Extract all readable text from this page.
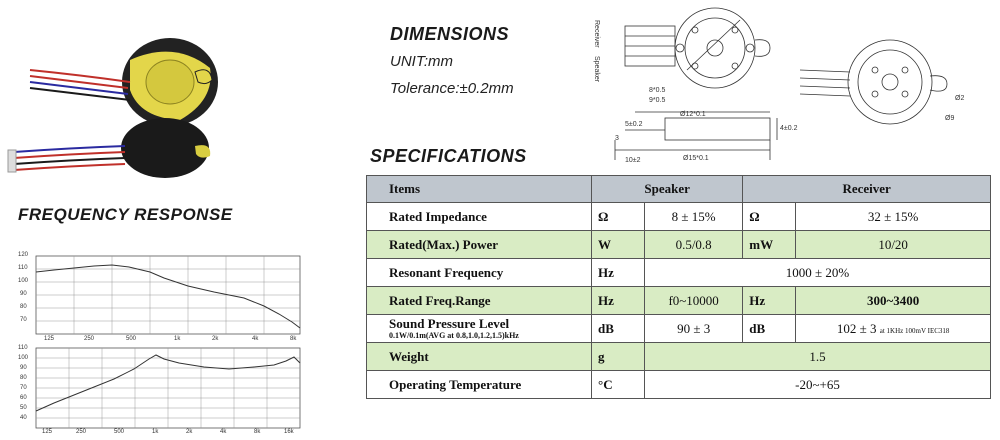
FREQUENCY RESPONSE
120
110
100
90
80
70
125	250	500	1k	2k	4k	8k
110
100
90
80
70
60
50
40
125	250	500	1k	2k	4k	8k	16k
DIMENSIONS
UNIT:mm
Tolerance:±0.2mm
Receiver
Speaker
8*0.5
9*0.5
Ø12*0.1
Ø15*0.1
4±0.2
5±0.2
10±2
3
Ø9
Ø2
SPECIFICATIONS
Items	Speaker		Receiver	
Rated Impedance	Ω	8 ± 15%	Ω	32 ± 15%
Rated(Max.) Power	W	0.5/0.8	mW	10/20
Resonant Frequency	Hz	1000 ± 20%		
Rated Freq.Range	Hz	f0~10000	Hz	300~3400
Sound Pressure Level
0.1W/0.1m(AVG at 0.8,1.0,1.2,1.5)kHz	dB	90 ± 3	dB	102 ± 3 at 1KHz 100mV IEC318
Weight	g	1.5		
Operating Temperature	°C	-20~+65		
